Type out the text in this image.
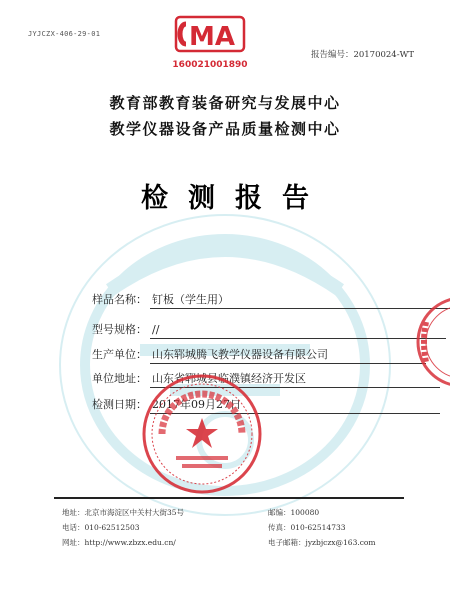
JYJCZX-406-29-01	MA
160021001890
报告编号：20170024-WT
教育部教育装备研究与发展中心
教学仪器设备产品质量检测中心
检测报告
样品名称： 钉板（学生用）
型号规格： //
生产单位： 山东郓城腾飞教学仪器设备有限公司
单位地址： 山东省郓城县临濮镇经济开发区
检测日期： 2017年09月27日
地址：北京市海淀区中关村大街35号	邮编：100080
电话：010-62512503	传真：010-62514733
网址：http://www.zbzx.edu.cn/	电子邮箱：jyzbjczx@163.com
